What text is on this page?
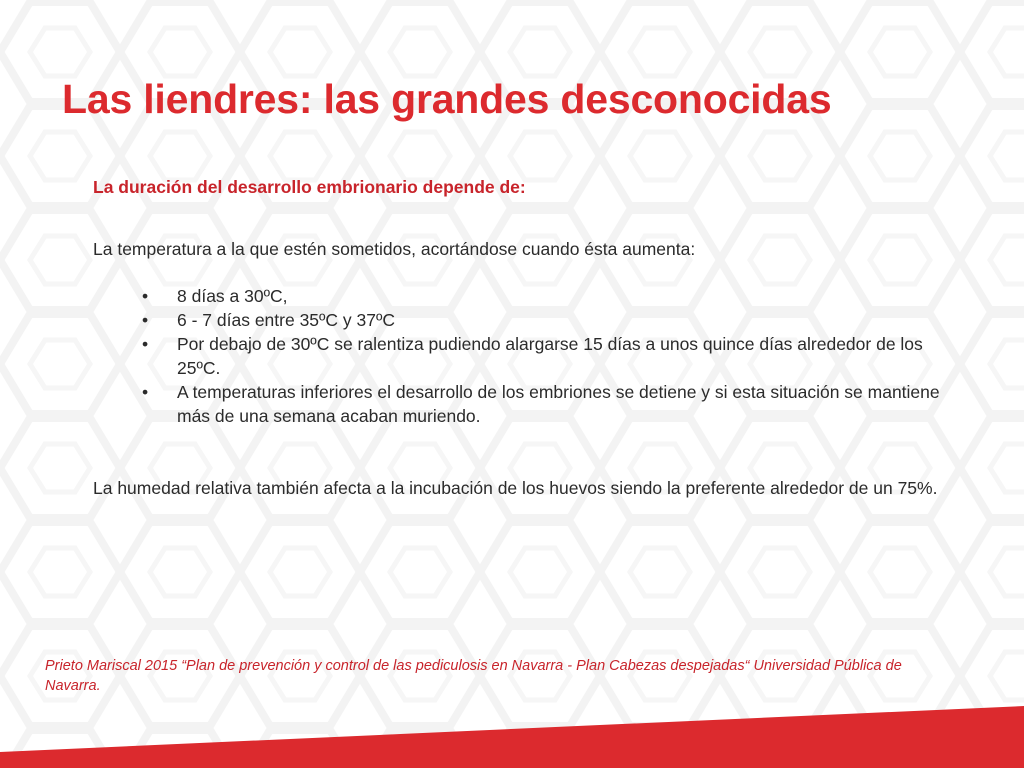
Las liendres: las grandes desconocidas

La duración del desarrollo embrionario depende de:

La temperatura a la que estén sometidos, acortándose cuando ésta aumenta:

• 8 días a 30ºC,
• 6 - 7 días entre 35ºC y 37ºC
• Por debajo de 30ºC se ralentiza pudiendo alargarse 15 días a unos quince días alrededor de los 25ºC.
• A temperaturas inferiores el desarrollo de los embriones se detiene y si esta situación se mantiene más de una semana acaban muriendo.

La humedad relativa también afecta a la incubación de los huevos siendo la preferente alrededor de un 75%.

Prieto Mariscal 2015 “Plan de prevención y control de las pediculosis en Navarra - Plan Cabezas despejadas“ Universidad Pública de Navarra.
